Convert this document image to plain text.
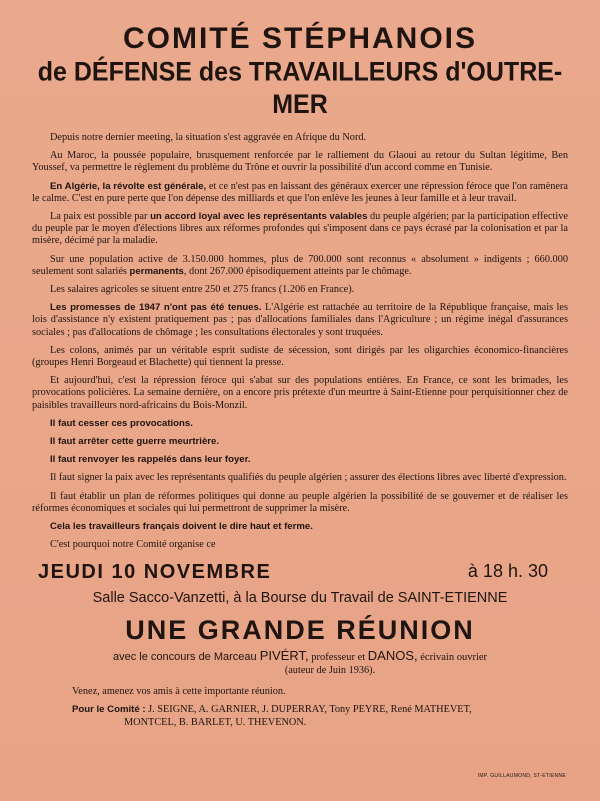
COMITÉ STÉPHANOIS
de DÉFENSE des TRAVAILLEURS d'OUTRE-MER

Depuis notre dernier meeting, la situation s'est aggravée en Afrique du Nord.

Au Maroc, la poussée populaire, brusquement renforcée par le ralliement du Glaoui au retour du Sultan légitime, Ben Youssef, va permettre le règlement du problème du Trône et ouvrir la possibilité d'un accord comme en Tunisie.

En Algérie, la révolte est générale, et ce n'est pas en laissant des généraux exercer une répression féroce que l'on ramènera le calme. C'est en pure perte que l'on dépense des milliards et que l'on enlève les jeunes à leur famille et à leur travail.

La paix est possible par un accord loyal avec les représentants valables du peuple algérien; par la participation effective du peuple par le moyen d'élections libres aux réformes profondes qui s'imposent dans ce pays écrasé par la colonisation et par la misère, décimé par la maladie.

Sur une population active de 3.150.000 hommes, plus de 700.000 sont reconnus « absolument » indigents ; 660.000 seulement sont salariés permanents, dont 267.000 épisodiquement atteints par le chômage.

Les salaires agricoles se situent entre 250 et 275 francs (1.206 en France).

Les promesses de 1947 n'ont pas été tenues. L'Algérie est rattachée au territoire de la République française, mais les lois d'assistance n'y existent pratiquement pas ; pas d'allocations familiales dans l'Agriculture ; un régime inégal d'assurances sociales ; pas d'allocations de chômage ; les consultations électorales y sont truquées.

Les colons, animés par un véritable esprit sudiste de sécession, sont dirigés par les oligarchies économico-financières (groupes Henri Borgeaud et Blachette) qui tiennent la presse.

Et aujourd'hui, c'est la répression féroce qui s'abat sur des populations entières. En France, ce sont les brimades, les provocations policières. La semaine dernière, on a encore pris prétexte d'un meurtre à Saint-Etienne pour perquisitionner chez de paisibles travailleurs nord-africains du Bois-Monzil.

Il faut cesser ces provocations.

Il faut arrêter cette guerre meurtrière.

Il faut renvoyer les rappelés dans leur foyer.

Il faut signer la paix avec les représentants qualifiés du peuple algérien ; assurer des élections libres avec liberté d'expression.

Il faut établir un plan de réformes politiques qui donne au peuple algérien la possibilité de se gouverner et de réaliser les réformes économiques et sociales qui lui permettront de supprimer la misère.

Cela les travailleurs français doivent le dire haut et ferme.

C'est pourquoi notre Comité organise ce

JEUDI 10 NOVEMBRE	à 18 h. 30
Salle Sacco-Vanzetti, à la Bourse du Travail de SAINT-ETIENNE
UNE GRANDE RÉUNION
avec le concours de Marceau PIVÉRT, professeur et DANOS, écrivain ouvrier
(auteur de Juin 1936).
Venez, amenez vos amis à cette importante réunion.
Pour le Comité : J. SEIGNE, A. GARNIER, J. DUPERRAY, Tony PEYRE, René MATHEVET,
MONTCEL, B. BARLET, U. THEVENON.
IMP. GUILLAUMOND, ST-ETIENNE
